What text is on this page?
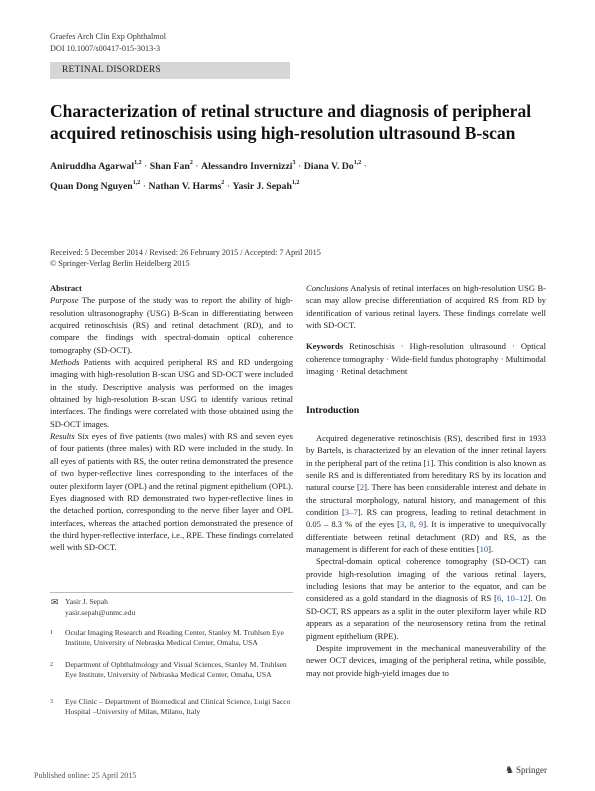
Graefes Arch Clin Exp Ophthalmol
DOI 10.1007/s00417-015-3013-3
RETINAL DISORDERS
Characterization of retinal structure and diagnosis of peripheral acquired retinoschisis using high-resolution ultrasound B-scan
Aniruddha Agarwal$^{1,2}$ · Shan Fan$^2$ · Alessandro Invernizzi$^3$ · Diana V. Do$^{1,2}$ ·
Quan Dong Nguyen$^{1,2}$ · Nathan V. Harms$^2$ · Yasir J. Sepah$^{1,2}$
Received: 5 December 2014 / Revised: 26 February 2015 / Accepted: 7 April 2015
© Springer-Verlag Berlin Heidelberg 2015
Abstract

Purpose The purpose of the study was to report the ability of high-resolution ultrasonography (USG) B-Scan in differentiating between acquired retinoschisis (RS) and retinal detachment (RD), and to compare the findings with spectral-domain optical coherence tomography (SD-OCT).

Methods Patients with acquired peripheral RS and RD undergoing imaging with high-resolution B-scan USG and SD-OCT were included in the study. Descriptive analysis was performed on the images obtained by high-resolution B-scan USG to identify various retinal interfaces. The findings were correlated with those obtained using the SD-OCT images.

Results Six eyes of five patients (two males) with RS and seven eyes of four patients (three males) with RD were included in the study. In all eyes of patients with RS, the outer retina demonstrated the presence of two hyper-reflective lines corresponding to the interfaces of the outer plexiform layer (OPL) and the retinal pigment epithelium (OPL). Eyes diagnosed with RD demonstrated two hyper-reflective lines in the detached portion, corresponding to the nerve fiber layer and OPL interfaces, whereas the attached portion demonstrated the presence of the third hyper-reflective interface, i.e., RPE. These findings correlated well with SD-OCT.

Conclusions Analysis of retinal interfaces on high-resolution USG B-scan may allow precise differentiation of acquired RS from RD by identification of various retinal layers. These findings correlate well with SD-OCT.

Keywords Retinoschisis · High-resolution ultrasound · Optical coherence tomography · Wide-field fundus photography · Multimodal imaging · Retinal detachment

Introduction

Acquired degenerative retinoschisis (RS), described first in 1933 by Bartels, is characterized by an elevation of the inner retinal layers in the peripheral part of the retina [1]. This condition is also known as senile RS and is differentiated from hereditary RS by its location and natural course [2]. There has been considerable interest and debate in the structural morphology, natural history, and management of this condition [3–7]. RS can progress, leading to retinal detachment in 0.05 – 8.3 % of the eyes [3, 8, 9]. It is imperative to unequivocally differentiate between retinal detachment (RD) and RS, as the management is different for each of these entities [10].

Spectral-domain optical coherence tomography (SD-OCT) can provide high-resolution imaging of the various retinal layers, including lesions that may be anterior to the equator, and can be considered as a gold standard in the diagnosis of RS [6, 10–12]. On SD-OCT, RS appears as a split in the outer plexiform layer while RD appears as a separation of the neurosensory retina from the retinal pigment epithelium (RPE).

Despite improvement in the mechanical maneuverability of the newer OCT devices, imaging of the peripheral retina, while possible, may not provide high-yield images due to

✉ Yasir J. Sepah
yasir.sepah@unmc.edu
1 Ocular Imaging Research and Reading Center, Stanley M. Truhlsen Eye Institute, University of Nebraska Medical Center, Omaha, USA
2 Department of Ophthalmology and Visual Sciences, Stanley M. Truhlsen Eye Institute, University of Nebraska Medical Center, Omaha, USA
3 Eye Clinic – Department of Biomedical and Clinical Science, Luigi Sacco Hospital –University of Milan, Milano, Italy
Published online: 25 April 2015	♞ Springer
